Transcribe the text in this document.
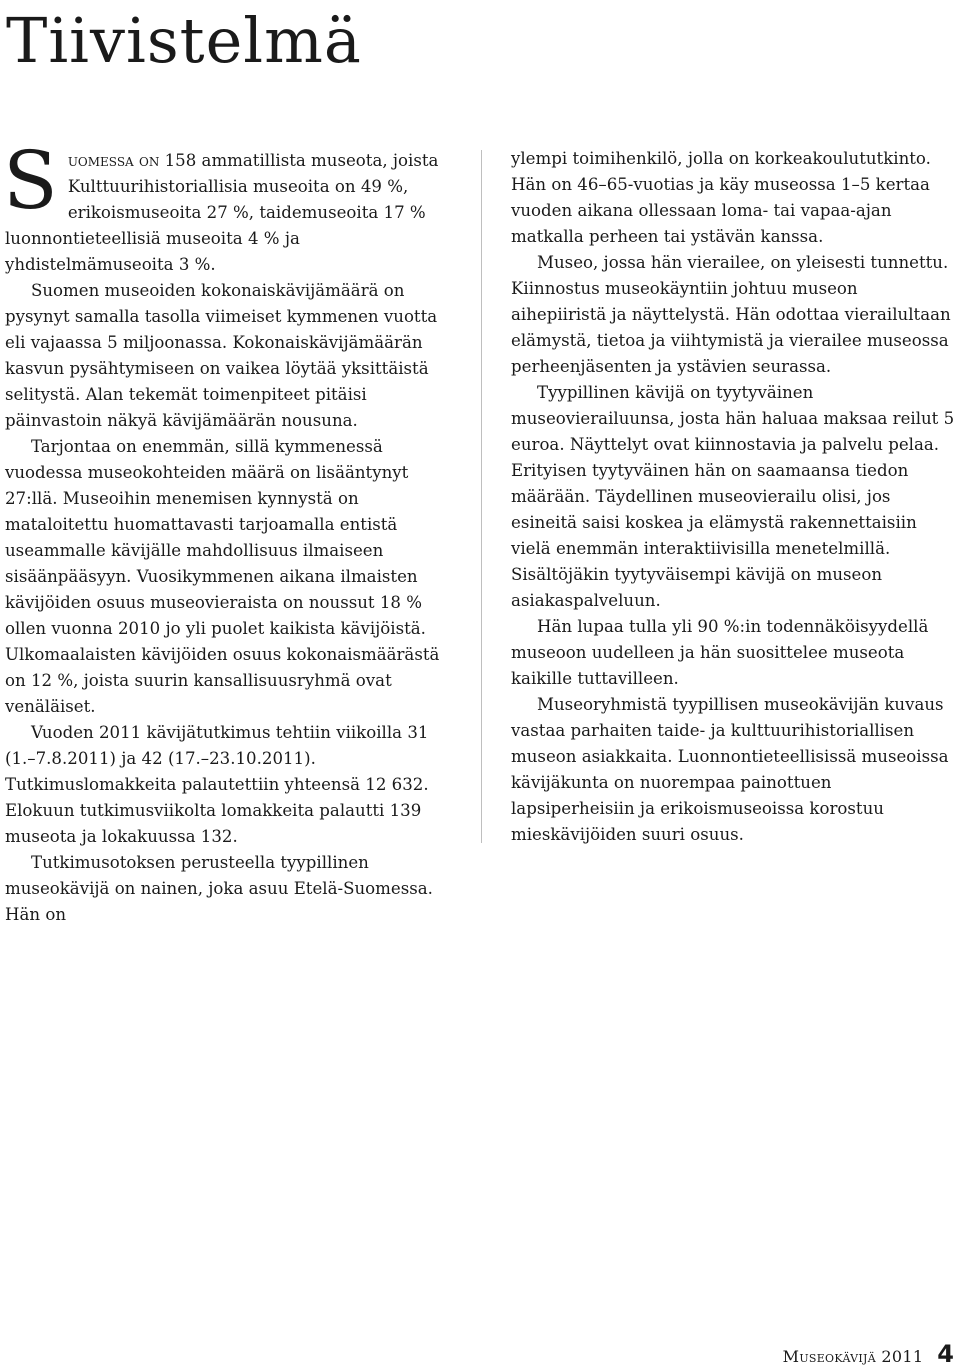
Tiivistelmä

Suomessa on 158 ammatillista museota, joista Kulttuurihistoriallisia museoita on 49 %, erikoismuseoita 27 %, taidemuseoita 17 % luonnontieteellisiä museoita 4 % ja yhdistelmämuseoita 3 %.

Suomen museoiden kokonaiskävijämäärä on pysynyt samalla tasolla viimeiset kymmenen vuotta eli vajaassa 5 miljoonassa. Kokonaiskävijämäärän kasvun pysähtymiseen on vaikea löytää yksittäistä selitystä. Alan tekemät toimenpiteet pitäisi päinvastoin näkyä kävijämäärän nousuna.

Tarjontaa on enemmän, sillä kymmenessä vuodessa museokohteiden määrä on lisääntynyt 27:llä. Museoihin menemisen kynnystä on mataloitettu huomattavasti tarjoamalla entistä useammalle kävijälle mahdollisuus ilmaiseen sisäänpääsyyn. Vuosikymmenen aikana ilmaisten kävijöiden osuus museovieraista on noussut 18 % ollen vuonna 2010 jo yli puolet kaikista kävijöistä. Ulkomaalaisten kävijöiden osuus kokonaismäärästä on 12 %, joista suurin kansallisuusryhmä ovat venäläiset.

Vuoden 2011 kävijätutkimus tehtiin viikoilla 31 (1.–7.8.2011) ja 42 (17.–23.10.2011). Tutkimuslomakkeita palautettiin yhteensä 12 632. Elokuun tutkimusviikolta lomakkeita palautti 139 museota ja lokakuussa 132.

Tutkimusotoksen perusteella tyypillinen museokävijä on nainen, joka asuu Etelä-Suomessa. Hän on

ylempi toimihenkilö, jolla on korkeakoulututkinto. Hän on 46–65-vuotias ja käy museossa 1–5 kertaa vuoden aikana ollessaan loma- tai vapaa-ajan matkalla perheen tai ystävän kanssa.

Museo, jossa hän vierailee, on yleisesti tunnettu. Kiinnostus museokäyntiin johtuu museon aihepiiristä ja näyttelystä. Hän odottaa vierailultaan elämystä, tietoa ja viihtymistä ja vierailee museossa perheenjäsenten ja ystävien seurassa.

Tyypillinen kävijä on tyytyväinen museovierailuunsa, josta hän haluaa maksaa reilut 5 euroa. Näyttelyt ovat kiinnostavia ja palvelu pelaa. Erityisen tyytyväinen hän on saamaansa tiedon määrään. Täydellinen museovierailu olisi, jos esineitä saisi koskea ja elämystä rakennettaisiin vielä enemmän interaktiivisilla menetelmillä. Sisältöjäkin tyytyväisempi kävijä on museon asiakaspalveluun.

Hän lupaa tulla yli 90 %:in todennäköisyydellä museoon uudelleen ja hän suosittelee museota kaikille tuttavilleen.

Museoryhmistä tyypillisen museokävijän kuvaus vastaa parhaiten taide- ja kulttuurihistoriallisen museon asiakkaita. Luonnontieteellisissä museoissa kävijäkunta on nuorempaa painottuen lapsiperheisiin ja erikoismuseoissa korostuu mieskävijöiden suuri osuus.

Museokävijä 2011 4
